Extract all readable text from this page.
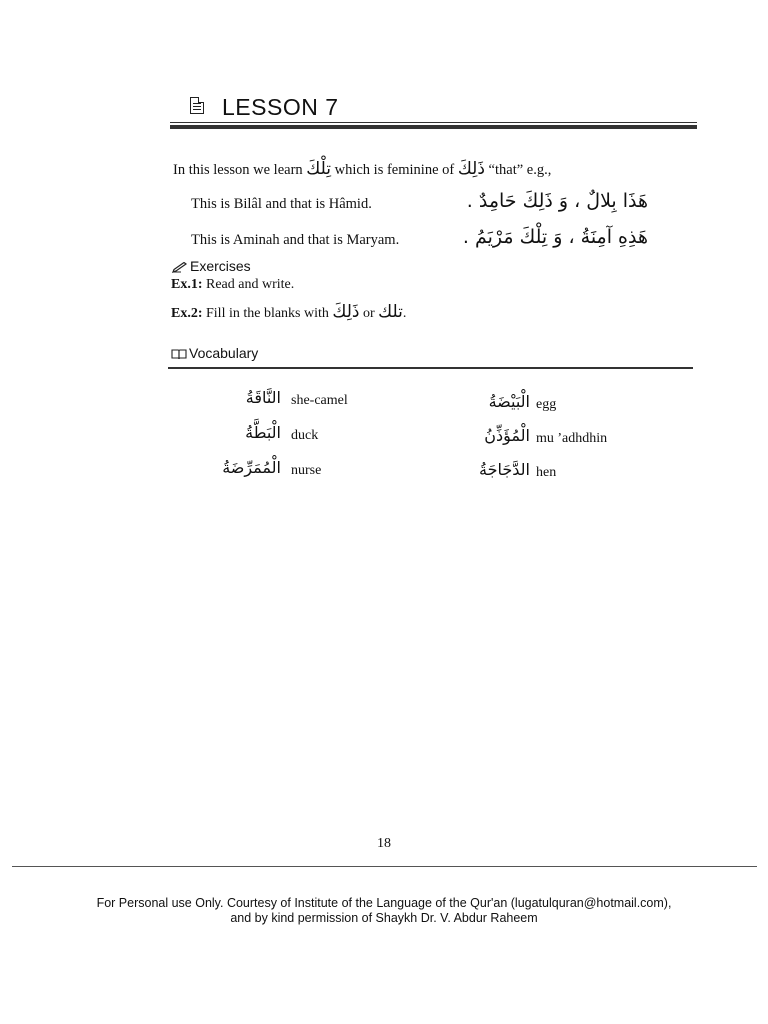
LESSON 7
In this lesson we learn تِلْكَ which is feminine of ذَلِكَ “that” e.g.,
This is Bilâl and that is Hâmid.	هَذَا بِلالٌ ، وَ ذَلِكَ حَامِدٌ .
This is Aminah and that is Maryam.	هَذِهِ آمِنَةُ ، وَ تِلْكَ مَرْيَمُ .
Exercises
Ex.1: Read and write.
Ex.2: Fill in the blanks with ذَلِكَ or تلك.
Vocabulary
النَّاقَةُ she-camel
الْبَطَّةُ duck
الْمُمَرِّضَةُ nurse
الْبَيْضَةُ egg
الْمُؤَذِّنُ mu ’adhdhin
الدَّجَاجَةُ hen
18
For Personal use Only. Courtesy of Institute of the Language of the Qur'an (lugatulquran@hotmail.com),
and by kind permission of Shaykh Dr. V. Abdur Raheem
